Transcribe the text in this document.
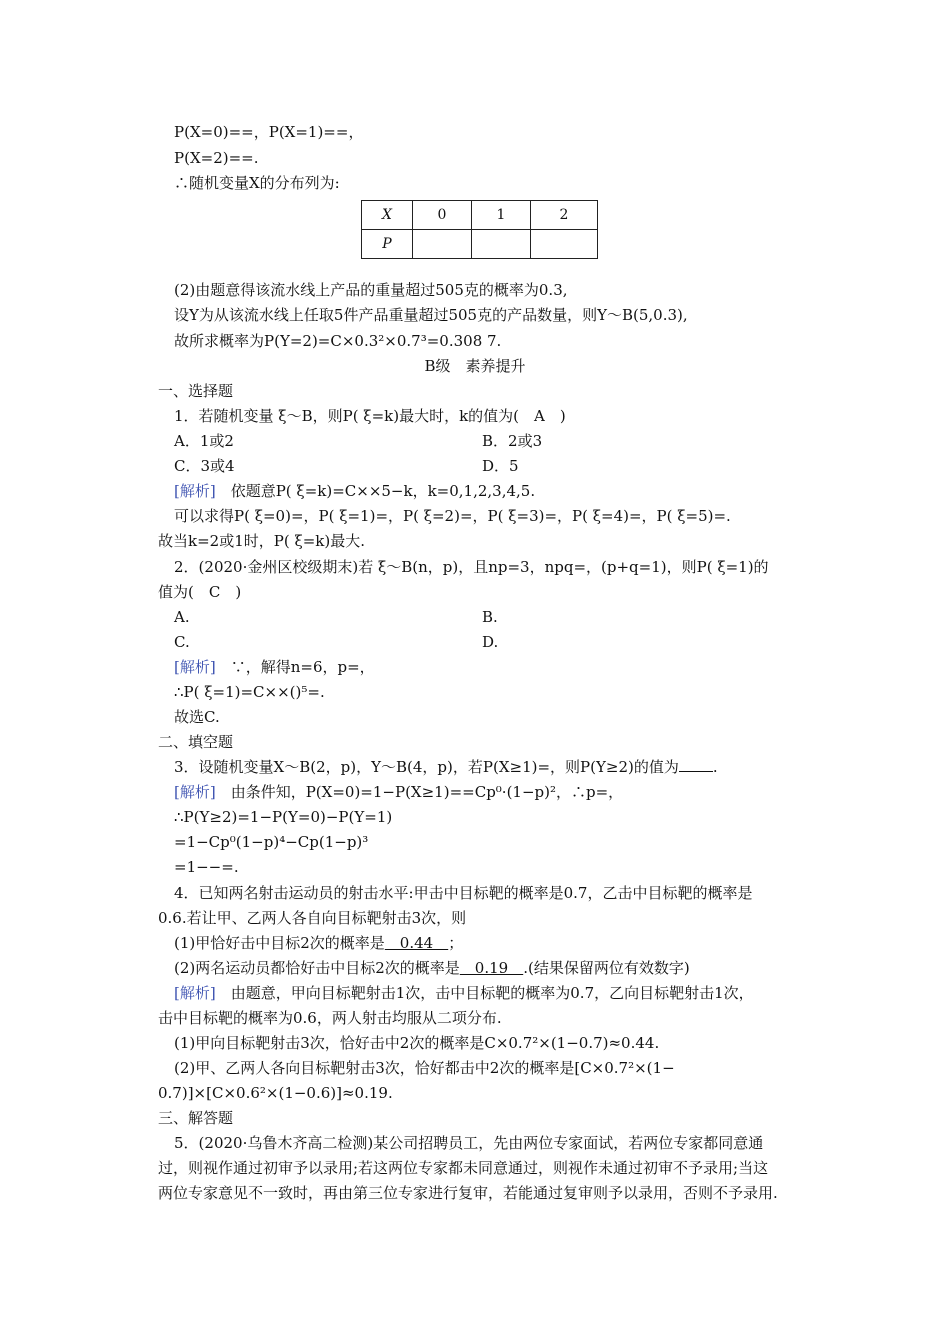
P(X=0)==，P(X=1)==，
P(X=2)==.
∴随机变量X的分布列为:
X	0	1	2
P			
(2)由题意得该流水线上产品的重量超过505克的概率为0.3,
设Y为从该流水线上任取5件产品重量超过505克的产品数量，则Y～B(5,0.3),
故所求概率为P(Y=2)=C×0.3²×0.7³=0.308 7.
B级　素养提升
一、选择题
1．若随机变量 ξ～B，则P( ξ=k)最大时，k的值为(　A　)
A．1或2	B．2或3
C．3或4	D．5
[解析]　依题意P( ξ=k)=C××5−k，k=0,1,2,3,4,5.
可以求得P( ξ=0)=，P( ξ=1)=，P( ξ=2)=，P( ξ=3)=，P( ξ=4)=，P( ξ=5)=.
故当k=2或1时，P( ξ=k)最大.
2．(2020·金州区校级期末)若 ξ～B(n，p)，且np=3，npq=，(p+q=1)，则P( ξ=1)的
值为(　C　)
A.	B.
C.	D.
[解析]　∵，解得n=6，p=，
∴P( ξ=1)=C××()⁵=.
故选C.
二、填空题
3．设随机变量X～B(2，p)，Y～B(4，p)，若P(X≥1)=，则P(Y≥2)的值为 .
[解析]　由条件知，P(X=0)=1−P(X≥1)==Cp⁰·(1−p)²，∴p=，
∴P(Y≥2)=1−P(Y=0)−P(Y=1)
=1−Cp⁰(1−p)⁴−Cp(1−p)³
=1−−=.
4．已知两名射击运动员的射击水平:甲击中目标靶的概率是0.7，乙击中目标靶的概率是
0.6.若让甲、乙两人各自向目标靶射击3次，则
(1)甲恰好击中目标2次的概率是　0.44　；
(2)两名运动员都恰好击中目标2次的概率是　0.19　.(结果保留两位有效数字)
[解析]　由题意，甲向目标靶射击1次，击中目标靶的概率为0.7，乙向目标靶射击1次，
击中目标靶的概率为0.6，两人射击均服从二项分布.
(1)甲向目标靶射击3次，恰好击中2次的概率是C×0.7²×(1−0.7)≈0.44.
(2)甲、乙两人各向目标靶射击3次，恰好都击中2次的概率是[C×0.7²×(1−
0.7)]×[C×0.6²×(1−0.6)]≈0.19.
三、解答题
5．(2020·乌鲁木齐高二检测)某公司招聘员工，先由两位专家面试，若两位专家都同意通
过，则视作通过初审予以录用;若这两位专家都未同意通过，则视作未通过初审不予录用;当这
两位专家意见不一致时，再由第三位专家进行复审，若能通过复审则予以录用，否则不予录用.
